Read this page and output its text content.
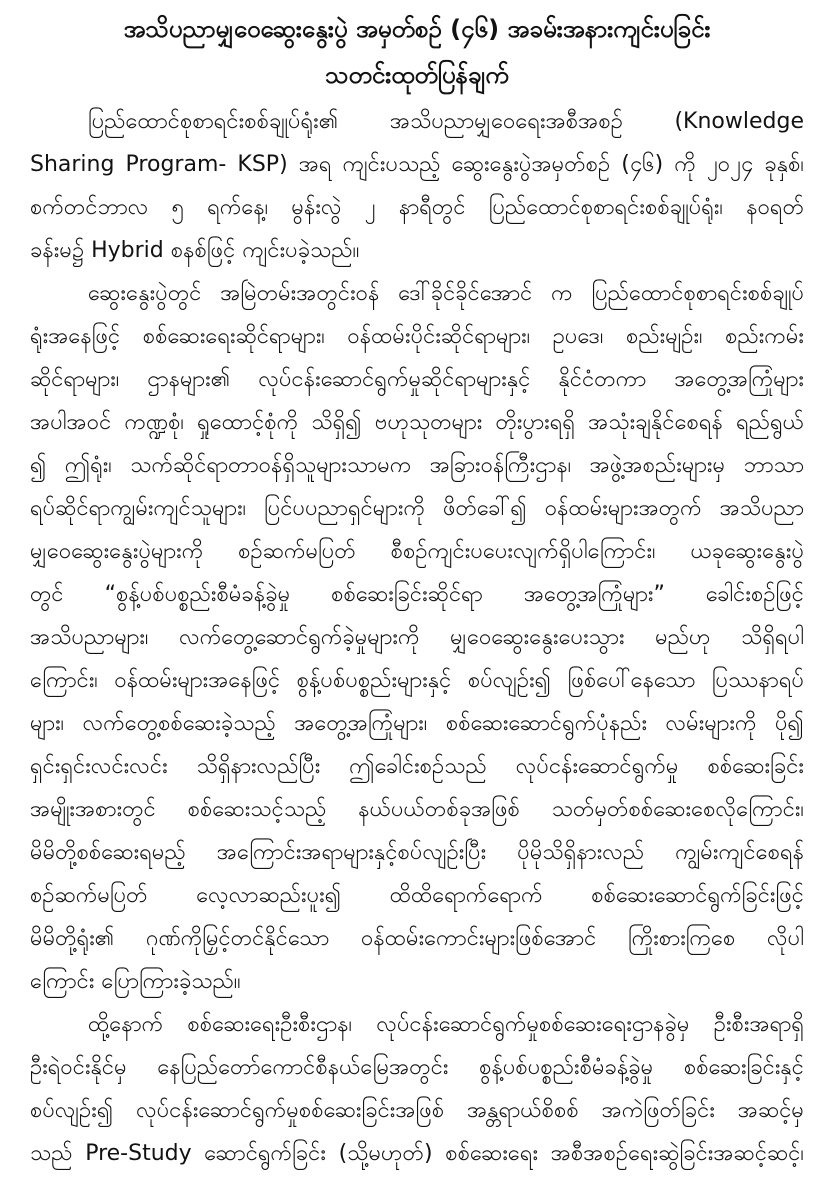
အသိပညာမျှဝေဆွေးနွေးပွဲ အမှတ်စဉ် (၄၆) အခမ်းအနားကျင်းပခြင်း
သတင်းထုတ်ပြန်ချက်
ပြည်ထောင်စုစာရင်းစစ်ချုပ်ရုံး၏ အသိပညာမျှဝေရေးအစီအစဉ် (Knowledge
Sharing Program- KSP) အရ ကျင်းပသည့် ဆွေးနွေးပွဲအမှတ်စဉ် (၄၆) ကို ၂၀၂၄ ခုနှစ်၊
စက်တင်ဘာလ ၅ ရက်နေ့၊ မွန်းလွဲ ၂ နာရီတွင် ပြည်ထောင်စုစာရင်းစစ်ချုပ်ရုံး၊ နဝရတ်
ခန်းမ၌ Hybrid စနစ်ဖြင့် ကျင်းပခဲ့သည်။
ဆွေးနွေးပွဲတွင် အမြဲတမ်းအတွင်းဝန် ဒေါ်ခိုင်ခိုင်အောင် က ပြည်ထောင်စုစာရင်းစစ်ချုပ်
ရုံးအနေဖြင့် စစ်ဆေးရေးဆိုင်ရာများ၊ ဝန်ထမ်းပိုင်းဆိုင်ရာများ၊ ဥပဒေ၊ စည်းမျဉ်း၊ စည်းကမ်း
ဆိုင်ရာများ၊ ဌာနများ၏ လုပ်ငန်းဆောင်ရွက်မှုဆိုင်ရာများနှင့် နိုင်ငံတကာ အတွေ့အကြုံများ
အပါအဝင် ကဏ္ဍစုံ၊ ရှုထောင့်စုံကို သိရှိ၍ ဗဟုသုတများ တိုးပွားရရှိ အသုံးချနိုင်စေရန် ရည်ရွယ်
၍ ဤရုံး၊ သက်ဆိုင်ရာတာဝန်ရှိသူများသာမက အခြားဝန်ကြီးဌာန၊ အဖွဲ့အစည်းများမှ ဘာသာ
ရပ်ဆိုင်ရာကျွမ်းကျင်သူများ၊ ပြင်ပပညာရှင်များကို ဖိတ်ခေါ်၍ ဝန်ထမ်းများအတွက် အသိပညာ
မျှဝေဆွေးနွေးပွဲများကို စဉ်ဆက်မပြတ် စီစဉ်ကျင်းပပေးလျက်ရှိပါကြောင်း၊ ယခုဆွေးနွေးပွဲ
တွင် “စွန့်ပစ်ပစ္စည်းစီမံခန့်ခွဲမှု စစ်ဆေးခြင်းဆိုင်ရာ အတွေ့အကြုံများ” ခေါင်းစဉ်ဖြင့်
အသိပညာများ၊ လက်တွေ့ဆောင်ရွက်ခဲ့မှုများကို မျှဝေဆွေးနွေးပေးသွား မည်ဟု သိရှိရပါ
ကြောင်း၊ ဝန်ထမ်းများအနေဖြင့် စွန့်ပစ်ပစ္စည်းများနှင့် စပ်လျဉ်း၍ ဖြစ်ပေါ်နေသော ပြဿနာရပ်
များ၊ လက်တွေ့စစ်ဆေးခဲ့သည့် အတွေ့အကြုံများ၊ စစ်ဆေးဆောင်ရွက်ပုံနည်း လမ်းများကို ပို၍
ရှင်းရှင်းလင်းလင်း သိရှိနားလည်ပြီး ဤခေါင်းစဉ်သည် လုပ်ငန်းဆောင်ရွက်မှု စစ်ဆေးခြင်း
အမျိုးအစားတွင် စစ်ဆေးသင့်သည့် နယ်ပယ်တစ်ခုအဖြစ် သတ်မှတ်စစ်ဆေးစေလိုကြောင်း၊
မိမိတို့စစ်ဆေးရမည့် အကြောင်းအရာများနှင့်စပ်လျဉ်းပြီး ပိုမိုသိရှိနားလည် ကျွမ်းကျင်စေရန်
စဉ်ဆက်မပြတ် လေ့လာဆည်းပူး၍ ထိထိရောက်ရောက် စစ်ဆေးဆောင်ရွက်ခြင်းဖြင့်
မိမိတို့ရုံး၏ ဂုဏ်ကိုမြှင့်တင်နိုင်သော ဝန်ထမ်းကောင်းများဖြစ်အောင် ကြိုးစားကြစေ လိုပါ
ကြောင်း ပြောကြားခဲ့သည်။
ထို့နောက် စစ်ဆေးရေးဦးစီးဌာန၊ လုပ်ငန်းဆောင်ရွက်မှုစစ်ဆေးရေးဌာနခွဲမှ ဦးစီးအရာရှိ
ဦးရဲဝင်းနိုင်မှ နေပြည်တော်ကောင်စီနယ်မြေအတွင်း စွန့်ပစ်ပစ္စည်းစီမံခန့်ခွဲမှု စစ်ဆေးခြင်းနှင့်
စပ်လျဉ်း၍ လုပ်ငန်းဆောင်ရွက်မှုစစ်ဆေးခြင်းအဖြစ် အန္တရာယ်စိစစ် အကဲဖြတ်ခြင်း အဆင့်မှ
သည် Pre-Study ဆောင်ရွက်ခြင်း (သို့မဟုတ်) စစ်ဆေးရေး အစီအစဉ်ရေးဆွဲခြင်းအဆင့်ဆင့်၊
